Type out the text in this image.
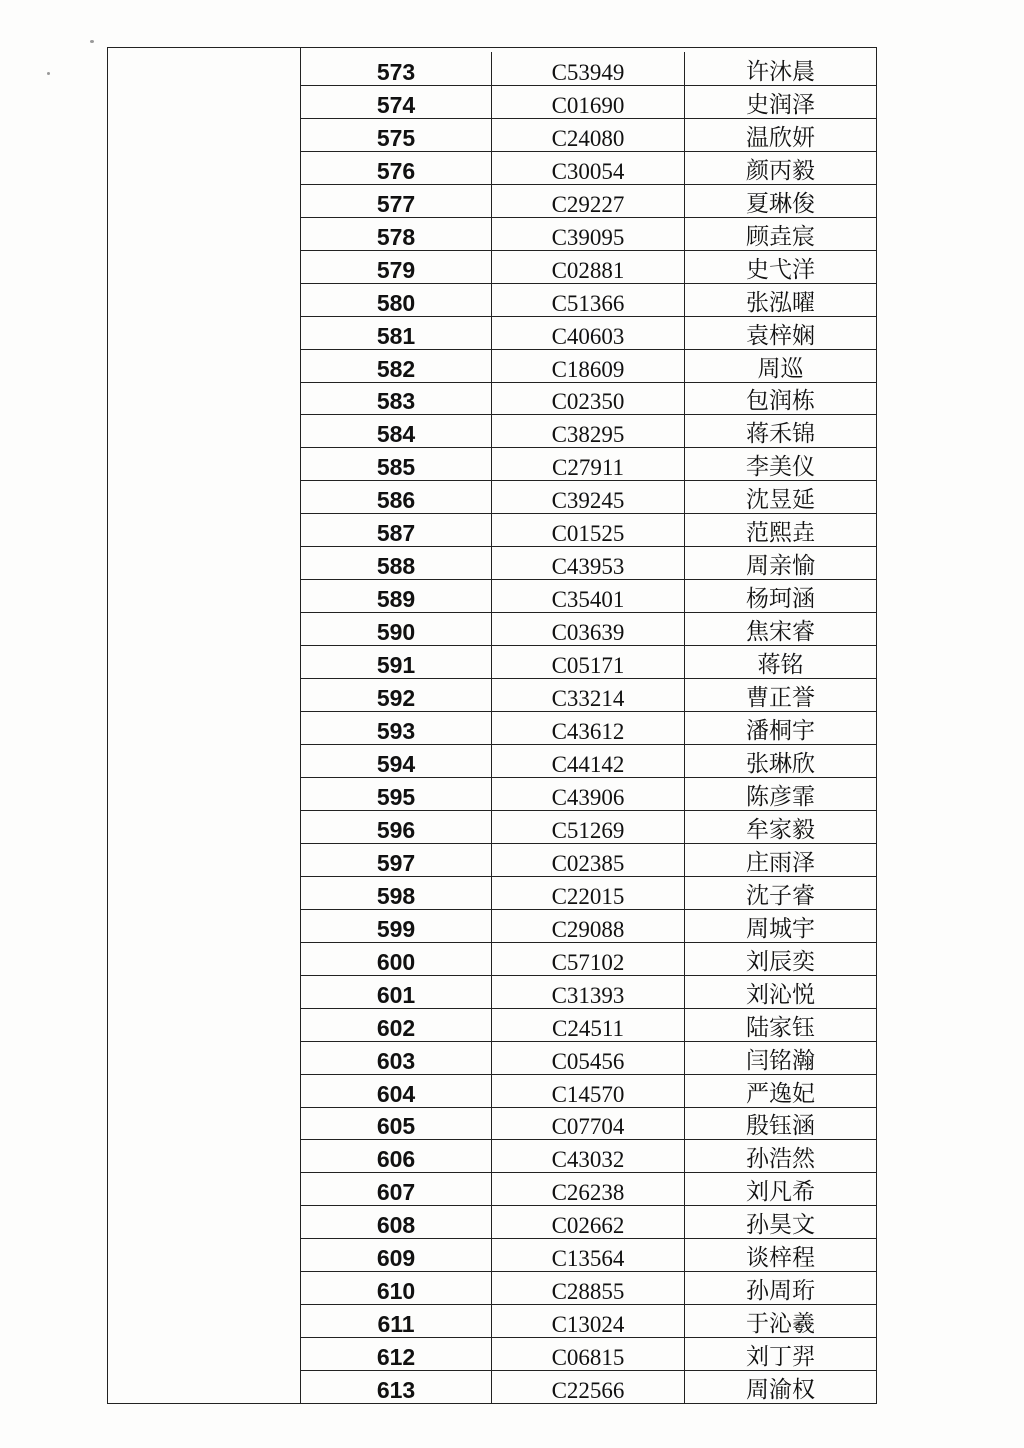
573	C53949	许沐晨
574	C01690	史润泽
575	C24080	温欣妍
576	C30054	颜丙毅
577	C29227	夏琳俊
578	C39095	顾垚宸
579	C02881	史弋洋
580	C51366	张泓曜
581	C40603	袁梓娴
582	C18609	周巡
583	C02350	包润栋
584	C38295	蒋禾锦
585	C27911	李美仪
586	C39245	沈昱延
587	C01525	范熙垚
588	C43953	周亲愉
589	C35401	杨珂涵
590	C03639	焦宋睿
591	C05171	蒋铭
592	C33214	曹正誉
593	C43612	潘桐宇
594	C44142	张琳欣
595	C43906	陈彦霏
596	C51269	牟家毅
597	C02385	庄雨泽
598	C22015	沈子睿
599	C29088	周城宇
600	C57102	刘辰奕
601	C31393	刘沁悦
602	C24511	陆家钰
603	C05456	闫铭瀚
604	C14570	严逸妃
605	C07704	殷钰涵
606	C43032	孙浩然
607	C26238	刘凡希
608	C02662	孙昊文
609	C13564	谈梓程
610	C28855	孙周珩
611	C13024	于沁羲
612	C06815	刘丁羿
613	C22566	周渝权
